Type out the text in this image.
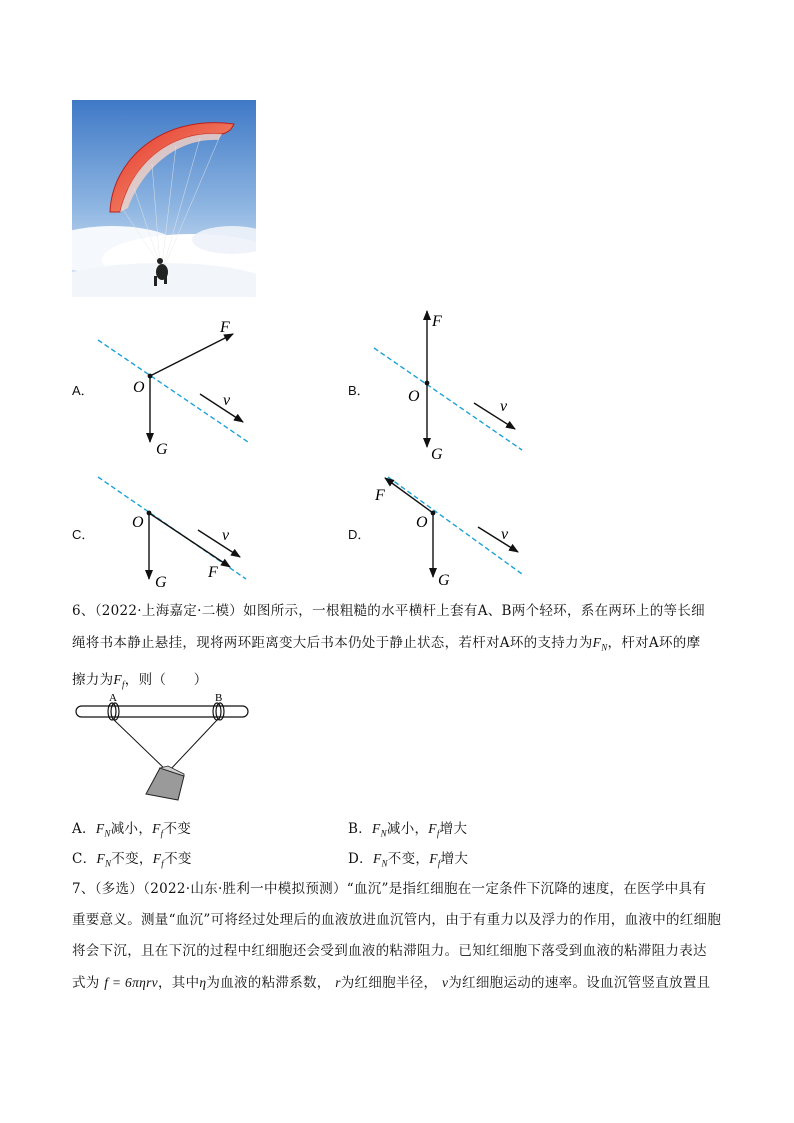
A．
F
O
G
v
B．
F
O
G
v
C．
O
G
F
v	D．
F
O
G
v
6、（2022·上海嘉定·二模）如图所示，一根粗糙的水平横杆上套有A、B两个轻环，系在两环上的等长细
绳将书本静止悬挂，现将两环距离变大后书本仍处于静止状态，若杆对A环的支持力为$F_N$，杆对A环的摩
擦力为$F_f$，则（　　）
A	B
A．$F_N$减小，$F_f$不变	B．$F_N$减小，$F_f$增大
C．$F_N$不变，$F_f$不变	D．$F_N$不变，$F_f$增大
7、（多选）（2022·山东·胜利一中模拟预测）“血沉”是指红细胞在一定条件下沉降的速度，在医学中具有
重要意义。测量“血沉”可将经过处理后的血液放进血沉管内，由于有重力以及浮力的作用，血液中的红细胞
将会下沉，且在下沉的过程中红细胞还会受到血液的粘滞阻力。已知红细胞下落受到血液的粘滞阻力表达
式为 f = 6πηrv，其中η为血液的粘滞系数， r为红细胞半径， v为红细胞运动的速率。设血沉管竖直放置且
